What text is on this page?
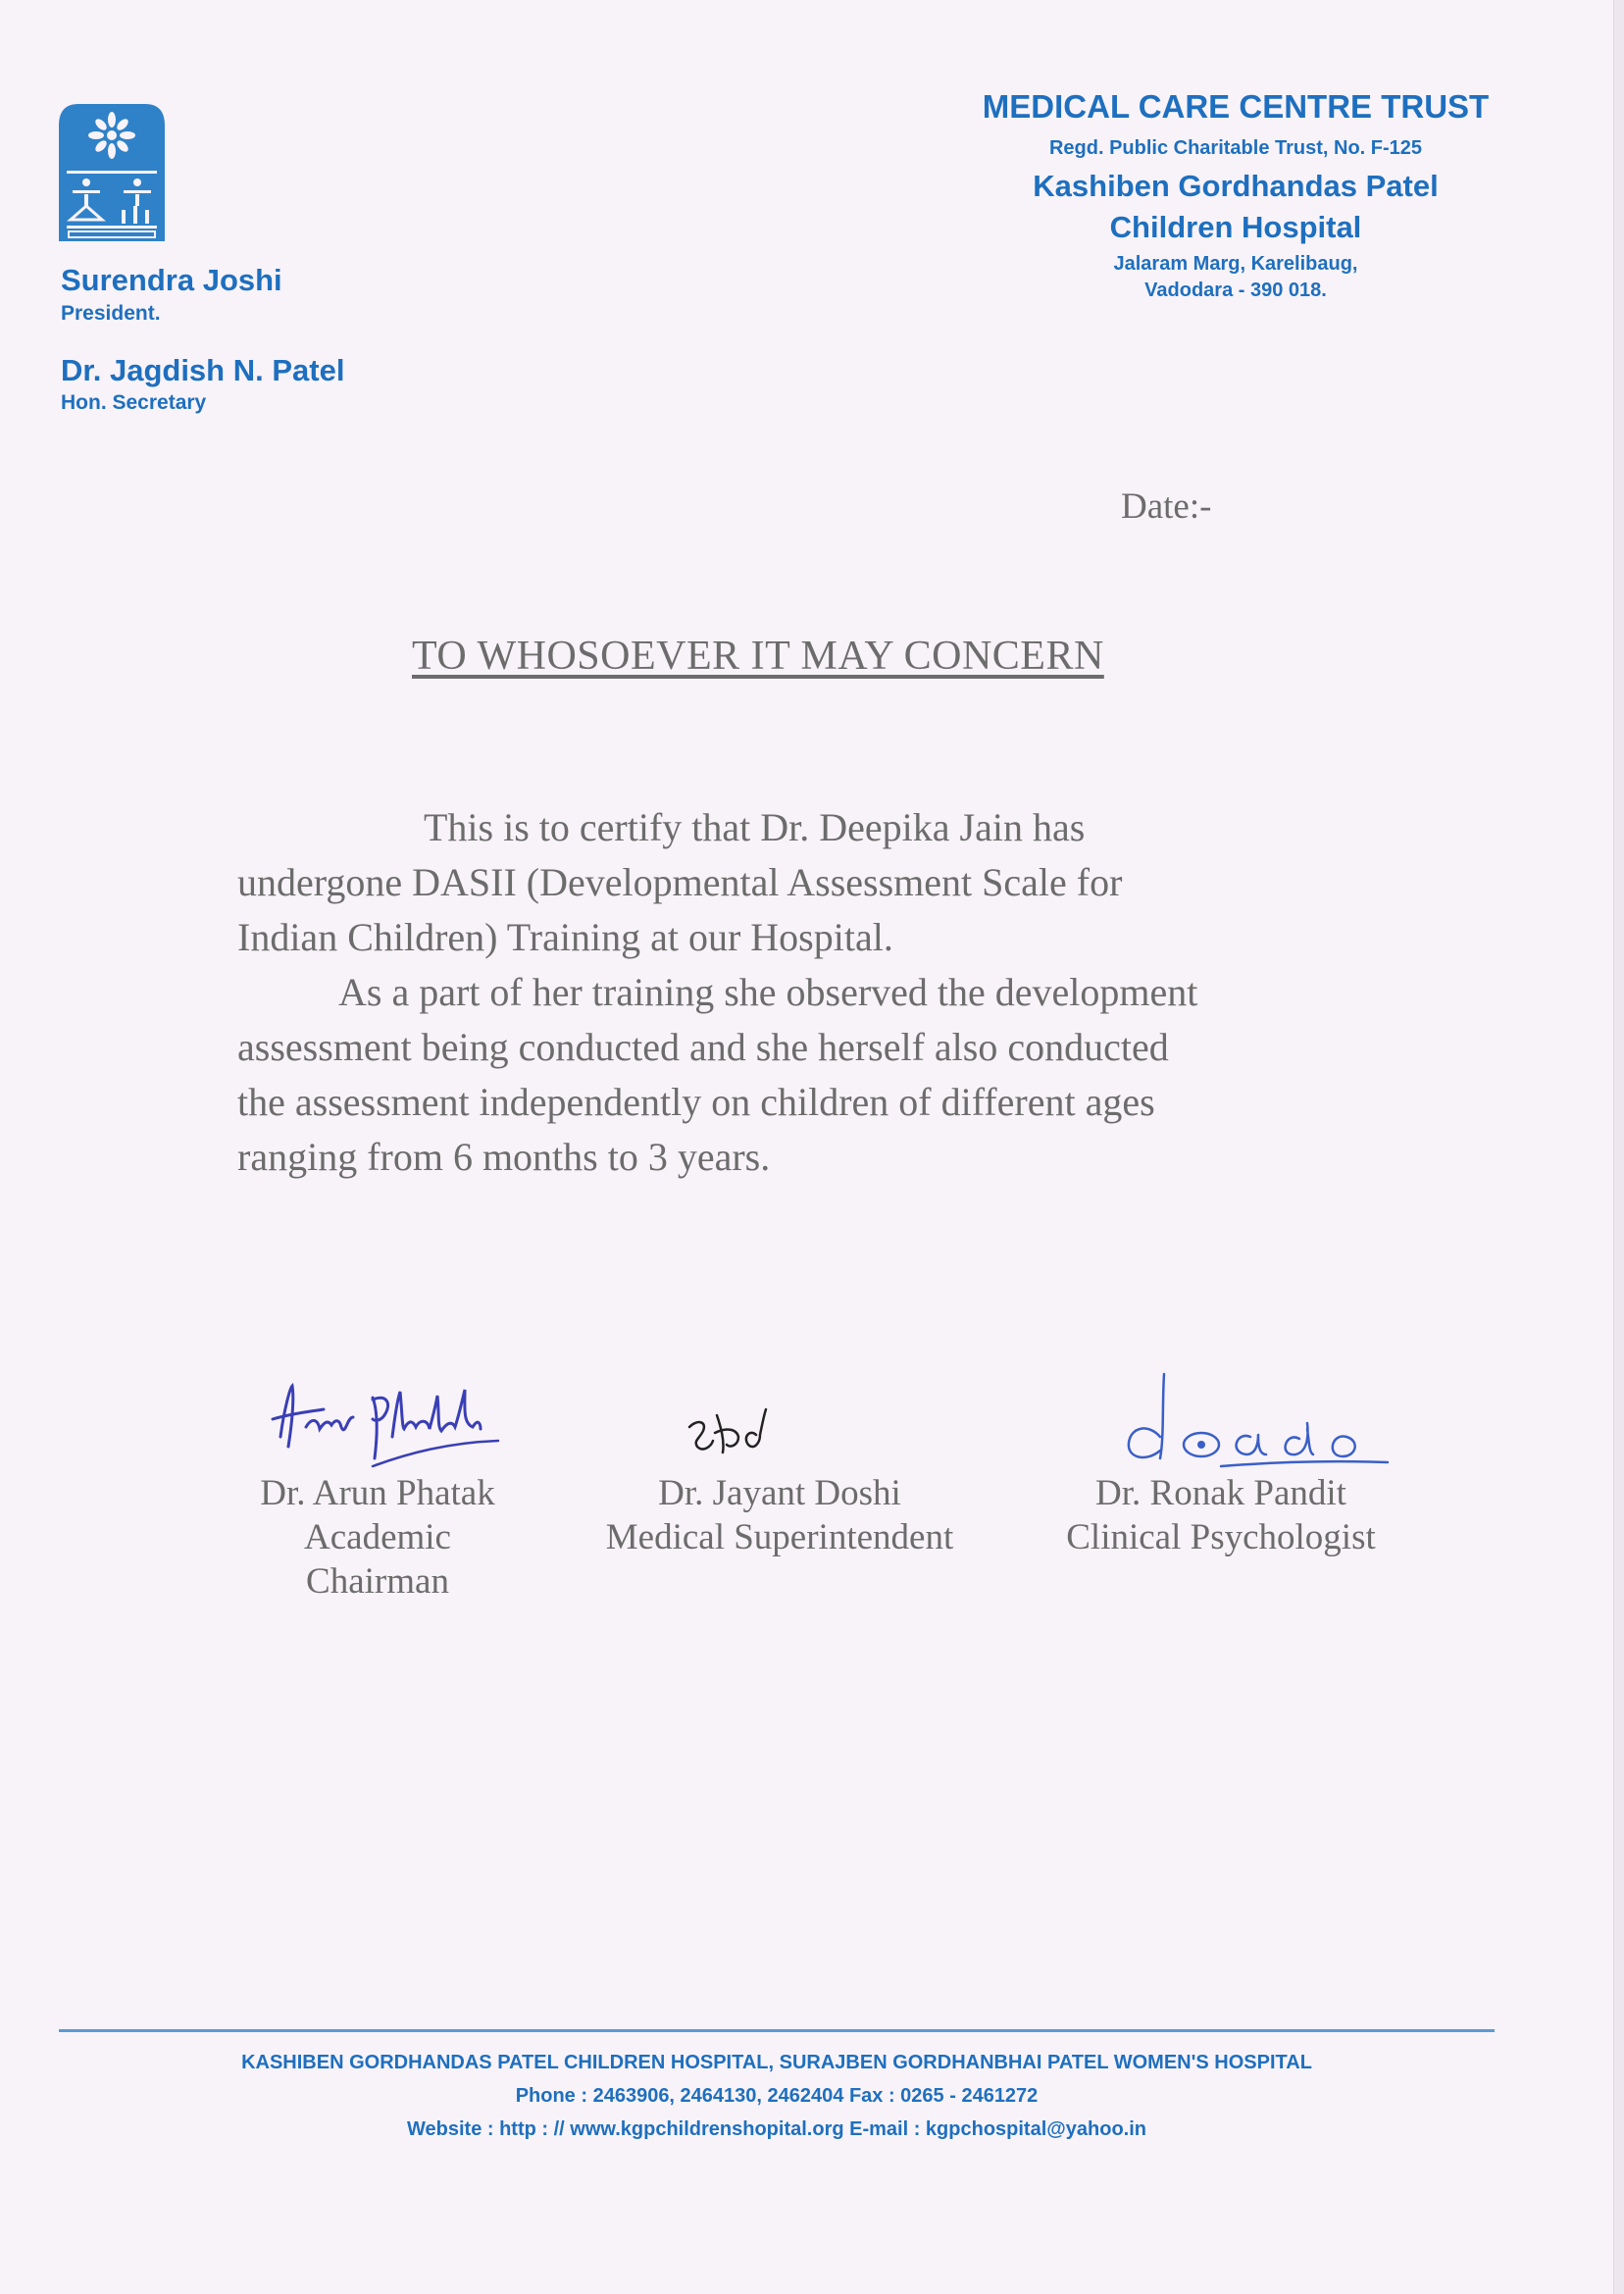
Surendra Joshi
President.
Dr. Jagdish N. Patel
Hon. Secretary
MEDICAL CARE CENTRE TRUST
Regd. Public Charitable Trust, No. F-125
Kashiben Gordhandas Patel
Children Hospital
Jalaram Marg, Karelibaug,
Vadodara - 390 018.
Date:-
TO WHOSOEVER IT MAY CONCERN
This is to certify that Dr. Deepika Jain has
undergone DASII (Developmental Assessment Scale for
Indian Children) Training at our Hospital.
As a part of her training she observed the development
assessment being conducted and she herself also conducted
the assessment independently on children of different ages
ranging from 6 months to 3 years.
Dr. Arun Phatak
Academic
Chairman
Dr. Jayant Doshi
Medical Superintendent
Dr. Ronak Pandit
Clinical Psychologist
KASHIBEN GORDHANDAS PATEL CHILDREN HOSPITAL, SURAJBEN GORDHANBHAI PATEL WOMEN'S HOSPITAL
Phone : 2463906, 2464130, 2462404 Fax : 0265 - 2461272
Website : http : // www.kgpchildrenshopital.org E-mail : kgpchospital@yahoo.in
